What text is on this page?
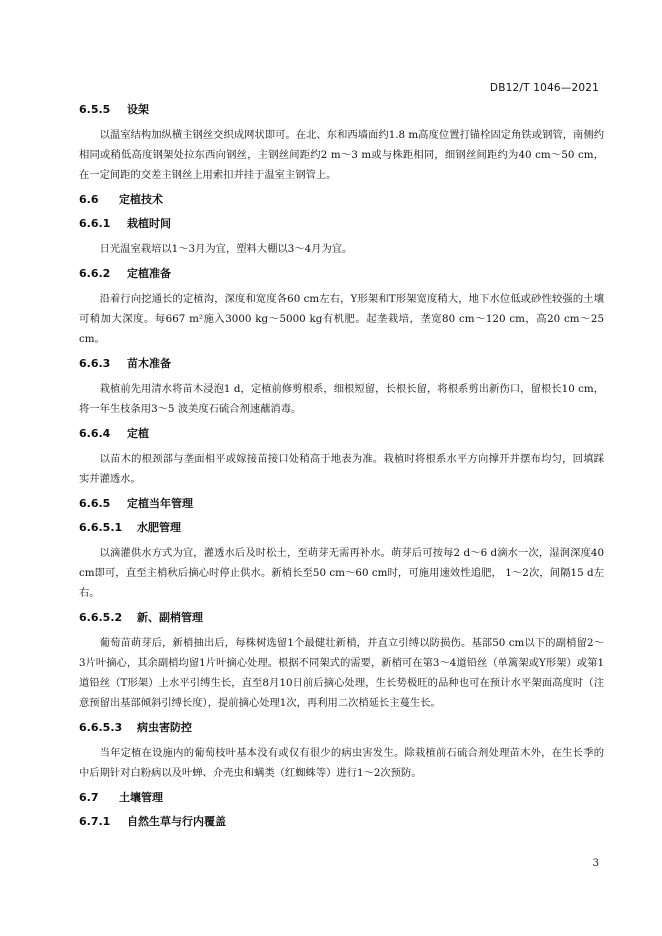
DB12/T 1046—2021
6.5.5 设架

以温室结构加纵横主钢丝交织成网状即可。在北、东和西墙面约1.8 m高度位置打锚栓固定角铁或钢管，南侧约相同或稍低高度钢架处拉东西向钢丝，主钢丝间距约2 m～3 m或与株距相同，细钢丝间距约为40 cm～50 cm，在一定间距的交差主钢丝上用索扣并挂于温室主钢管上。

6.6 定植技术
6.6.1 栽植时间

日光温室栽培以1～3月为宜，塑料大棚以3～4月为宜。

6.6.2 定植准备

沿着行向挖通长的定植沟，深度和宽度各60 cm左右，Y形架和T形架宽度稍大，地下水位低或砂性较强的土壤可稍加大深度。每667 m²施入3000 kg～5000 kg有机肥。起垄栽培，垄宽80 cm～120 cm，高20 cm～25 cm。

6.6.3 苗木准备

栽植前先用清水将苗木浸泡1 d，定植前修剪根系，细根短留，长根长留，将根系剪出新伤口，留根长10 cm，将一年生枝条用3～5 波美度石硫合剂速蘸消毒。

6.6.4 定植

以苗木的根颈部与垄面相平或嫁接苗接口处稍高于地表为准。栽植时将根系水平方向撑开并摆布均匀，回填踩实并灌透水。

6.6.5 定植当年管理
6.6.5.1 水肥管理

以滴灌供水方式为宜，灌透水后及时松土，至萌芽无需再补水。萌芽后可按每2 d～6 d滴水一次，湿润深度40 cm即可，直至主梢秋后摘心时停止供水。新梢长至50 cm～60 cm时，可施用速效性追肥， 1～2次，间隔15 d左右。

6.6.5.2 新、副梢管理

葡萄苗萌芽后，新梢抽出后，每株树选留1个最健壮新梢，并直立引缚以防损伤。基部50 cm以下的副梢留2～3片叶摘心，其余副梢均留1片叶摘心处理。根据不同架式的需要，新梢可在第3～4道铅丝（单篱架或Y形架）或第1道铅丝（T形架）上水平引缚生长，直至8月10日前后摘心处理，生长势极旺的品种也可在预计水平架面高度时（注意预留出基部倾斜引缚长度），提前摘心处理1次，再利用二次梢延长主蔓生长。

6.6.5.3 病虫害防控

当年定植在设施内的葡萄枝叶基本没有或仅有很少的病虫害发生。除栽植前石硫合剂处理苗木外，在生长季的中后期针对白粉病以及叶蝉、介壳虫和螨类（红蜘蛛等）进行1～2次预防。

6.7 土壤管理
6.7.1 自然生草与行内覆盖
3
